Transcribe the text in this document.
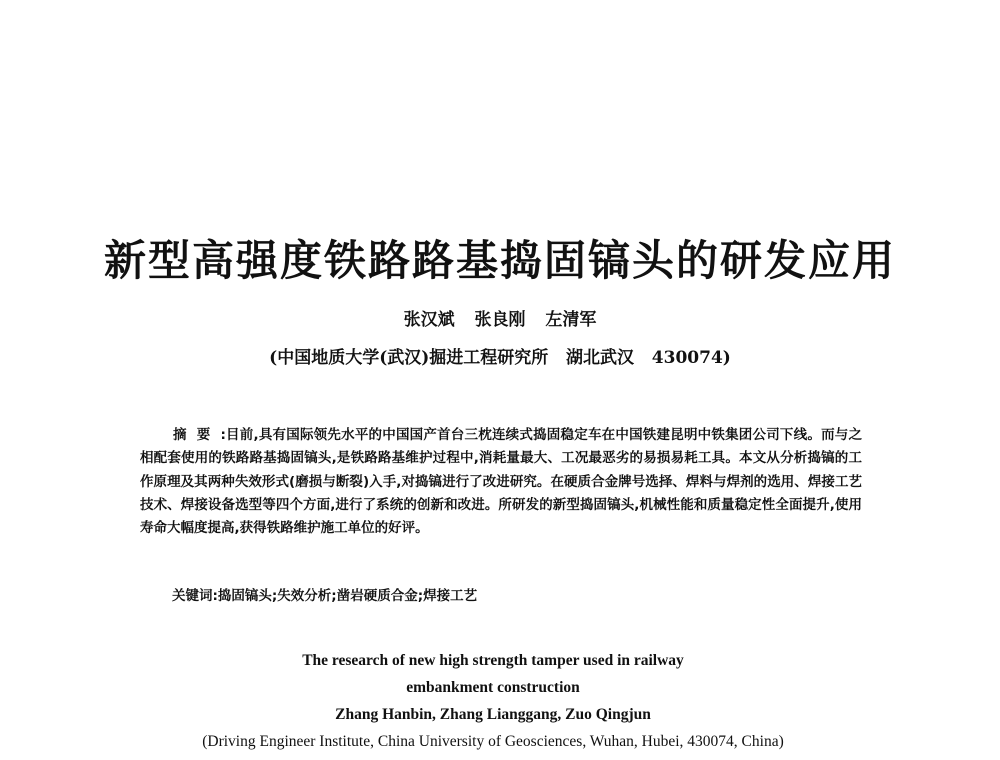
新型高强度铁路路基捣固镐头的研发应用
张汉斌 张良刚 左清军
(中国地质大学(武汉)掘进工程研究所   湖北武汉   430074)

摘要:目前,具有国际领先水平的中国国产首台三枕连续式捣固稳定车在中国铁建昆明中铁集团公司下线。而与之相配套使用的铁路路基捣固镐头,是铁路路基维护过程中,消耗量最大、工况最恶劣的易损易耗工具。本文从分析捣镐的工作原理及其两种失效形式(磨损与断裂)入手,对捣镐进行了改进研究。在硬质合金牌号选择、焊料与焊剂的选用、焊接工艺技术、焊接设备选型等四个方面,进行了系统的创新和改进。所研发的新型捣固镐头,机械性能和质量稳定性全面提升,使用寿命大幅度提高,获得铁路维护施工单位的好评。

关键词:捣固镐头;失效分析;凿岩硬质合金;焊接工艺
The research of new high strength tamper used in railway
embankment construction
Zhang Hanbin, Zhang Lianggang, Zuo Qingjun
(Driving Engineer Institute, China University of Geosciences, Wuhan, Hubei, 430074, China)
